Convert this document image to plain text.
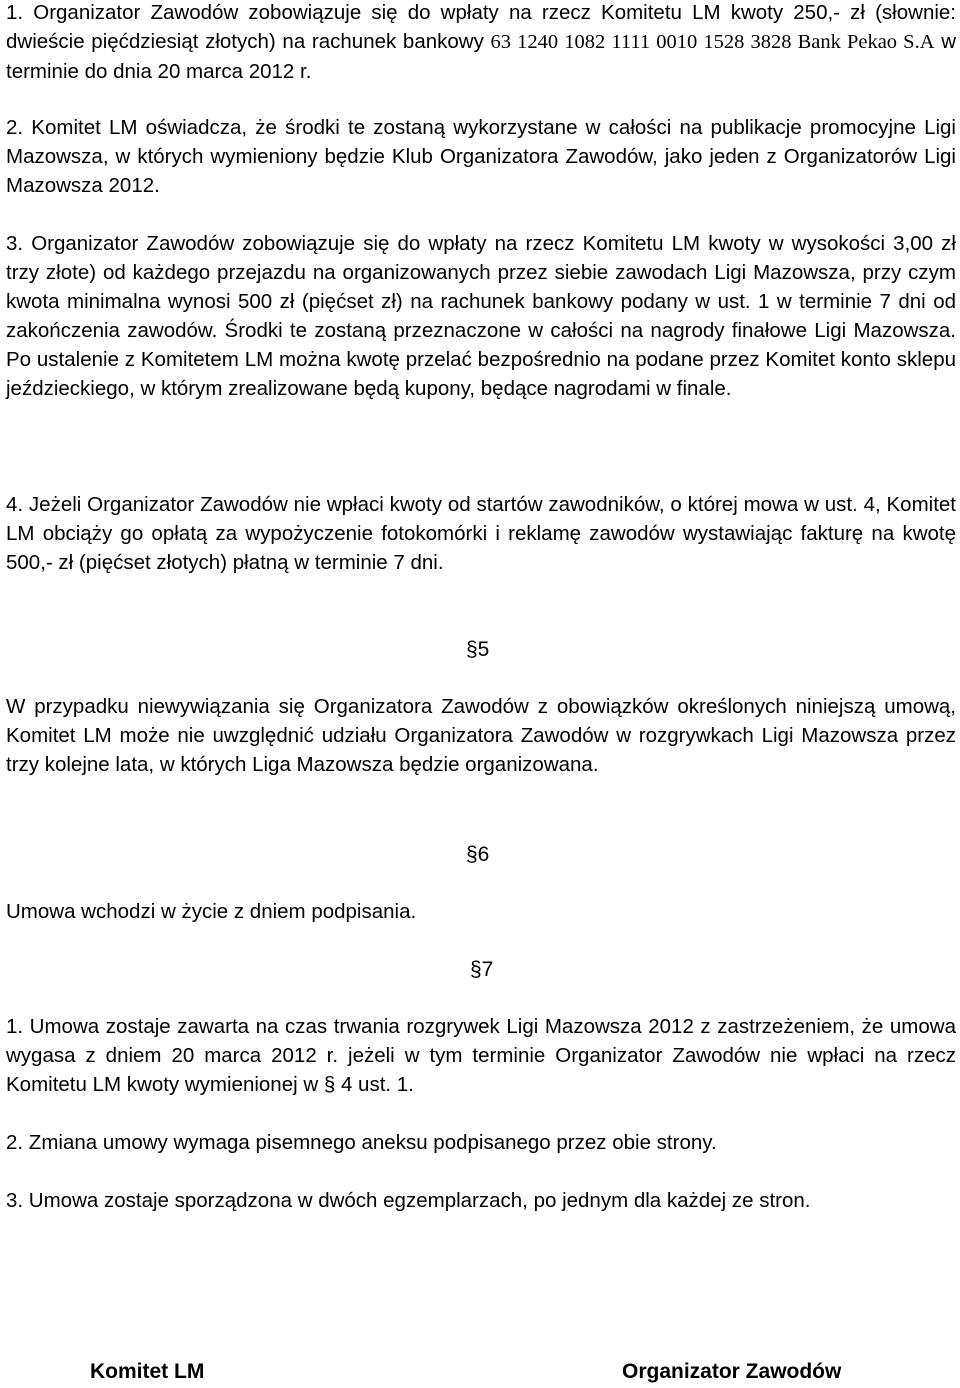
1. Organizator Zawodów zobowiązuje się do wpłaty na rzecz Komitetu LM kwoty 250,- zł (słownie: dwieście pięćdziesiąt złotych) na rachunek bankowy 63 1240 1082 1111 0010 1528 3828 Bank Pekao S.A w terminie do dnia 20 marca 2012 r.

2. Komitet LM oświadcza, że środki te zostaną wykorzystane w całości na publikacje promocyjne Ligi Mazowsza, w których wymieniony będzie Klub Organizatora Zawodów, jako jeden z Organizatorów Ligi Mazowsza 2012.

3. Organizator Zawodów zobowiązuje się do wpłaty na rzecz Komitetu LM kwoty w wysokości 3,00 zł trzy złote) od każdego przejazdu na organizowanych przez siebie zawodach Ligi Mazowsza, przy czym kwota minimalna wynosi 500 zł (pięćset zł) na rachunek bankowy podany w ust. 1 w terminie 7 dni od zakończenia zawodów. Środki te zostaną przeznaczone w całości na nagrody finałowe Ligi Mazowsza. Po ustalenie z Komitetem LM można kwotę przelać bezpośrednio na podane przez Komitet konto sklepu jeździeckiego, w którym zrealizowane będą kupony, będące nagrodami w finale.

4. Jeżeli Organizator Zawodów nie wpłaci kwoty od startów zawodników, o której mowa w ust. 4, Komitet LM obciąży go opłatą za wypożyczenie fotokomórki i reklamę zawodów wystawiając fakturę na kwotę 500,- zł (pięćset złotych) płatną w terminie 7 dni.

§5

W przypadku niewywiązania się Organizatora Zawodów z obowiązków określonych niniejszą umową, Komitet LM może nie uwzględnić udziału Organizatora Zawodów w rozgrywkach Ligi Mazowsza przez trzy kolejne lata, w których Liga Mazowsza będzie organizowana.

§6

Umowa wchodzi w życie z dniem podpisania.

§7

1. Umowa zostaje zawarta na czas trwania rozgrywek Ligi Mazowsza 2012 z zastrzeżeniem, że umowa wygasa z dniem 20 marca 2012 r. jeżeli w tym terminie Organizator Zawodów nie wpłaci na rzecz Komitetu LM kwoty wymienionej w § 4 ust. 1.

2. Zmiana umowy wymaga pisemnego aneksu podpisanego przez obie strony.

3. Umowa zostaje sporządzona w dwóch egzemplarzach, po jednym dla każdej ze stron.

Komitet LM	Organizator Zawodów
